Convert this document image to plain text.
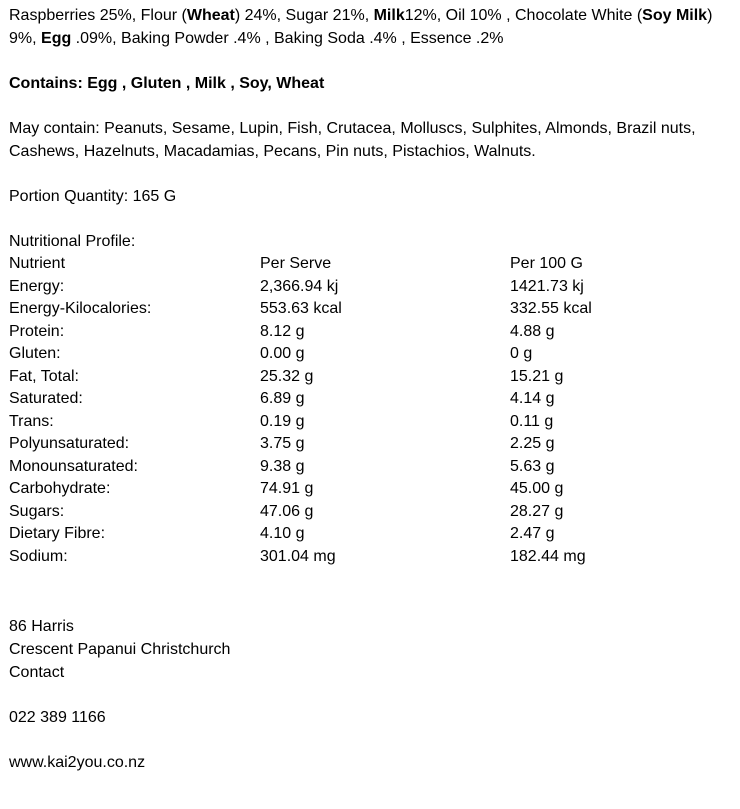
Raspberries 25%, Flour (Wheat) 24%, Sugar 21%, Milk12%, Oil 10% , Chocolate White (Soy Milk) 9%, Egg .09%, Baking Powder .4% , Baking Soda .4% , Essence .2%

Contains: Egg , Gluten , Milk , Soy, Wheat

May contain: Peanuts, Sesame, Lupin, Fish, Crutacea, Molluscs, Sulphites, Almonds, Brazil nuts, Cashews, Hazelnuts, Macadamias, Pecans, Pin nuts, Pistachios, Walnuts.

Portion Quantity: 165 G

Nutritional Profile:
Nutrient	Per Serve	Per 100 G
Energy:	2,366.94 kj	1421.73 kj
Energy-Kilocalories:	553.63 kcal	332.55 kcal
Protein:	8.12 g	4.88 g
Gluten:	0.00 g	0 g
Fat, Total:	25.32 g	15.21 g
Saturated:	6.89 g	4.14 g
Trans:	0.19 g	0.11 g
Polyunsaturated:	3.75 g	2.25 g
Monounsaturated:	9.38 g	5.63 g
Carbohydrate:	74.91 g	45.00 g
Sugars:	47.06 g	28.27 g
Dietary Fibre:	4.10 g	2.47 g
Sodium:	301.04 mg	182.44 mg
86 Harris
Crescent Papanui Christchurch
Contact
022 389 1166
www.kai2you.co.nz
